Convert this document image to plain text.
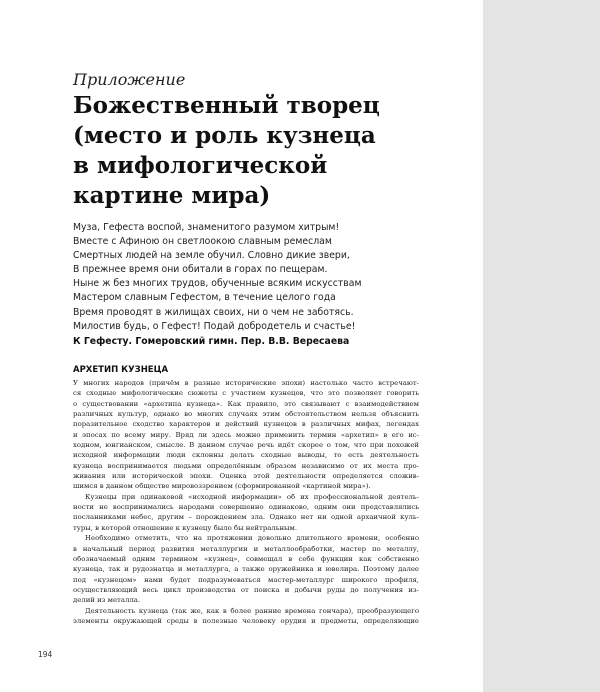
Приложение
Божественный творец
(место и роль кузнеца
в мифологической
картине мира)
Муза, Гефеста воспой, знаменитого разумом хитрым!
Вместе с Афиною он светлоокою славным ремеслам
Смертных людей на земле обучил. Словно дикие звери,
В прежнее время они обитали в горах по пещерам.
Ныне ж без многих трудов, обученные всяким искусствам
Мастером славным Гефестом, в течение целого года
Время проводят в жилищах своих, ни о чем не заботясь.
Милостив будь, о Гефест! Подай добродетель и счастье!
К Гефесту. Гомеровский гимн. Пер. В.В. Вересаева
АРХЕТИП КУЗНЕЦА
У многих народов (причём в разные исторические эпохи) настолько часто встречают-
ся сходные мифологические сюжеты с участием кузнецов, что это позволяет говорить
о существовании «архетипа кузнеца». Как правило, это связывают с взаимодействием
различных культур, однако во многих случаях этим обстоятельством нельзя объяснить
поразительное сходство характеров и действий кузнецов в различных мифах, легендах
и эпосах по всему миру. Вряд ли здесь можно применить термин «архетип» в его ис-
ходном, юнгианском, смысле. В данном случае речь идёт скорее о том, что при похожей
исходной информации люди склонны делать сходные выводы, то есть деятельность
кузнеца воспринимается людьми определённым образом независимо от их места про-
живания или исторической эпохи. Оценка этой деятельности определяется сложив-
шимся в данном обществе мировоззрением (сформированной «картиной мира»).
Кузнецы при одинаковой «исходной информации» об их профессиональной деятель-
ности не воспринимались народами совершенно одинаково, одним они представлялись
посланниками небес, другим – порождением зла. Однако нет ни одной архаичной куль-
туры, в которой отношение к кузнецу было бы нейтральным.
Необходимо отметить, что на протяжении довольно длительного времени, особенно
в начальный период развития металлургии и металлообработки, мастер по металлу,
обозначаемый одним термином «кузнец», совмещал в себе функции как собственно
кузнеца, так и рудознатца и металлурга, а также оружейника и ювелира. Поэтому далее
под «кузнецом» нами будет подразумеваться мастер-металлург широкого профиля,
осуществляющий весь цикл производства от поиска и добычи руды до получения из-
делий из металла.
Деятельность кузнеца (так же, как в более ранние времена гончара), преобразующего
элементы окружающей среды в полезные человеку орудия и предметы, определяющие
194
